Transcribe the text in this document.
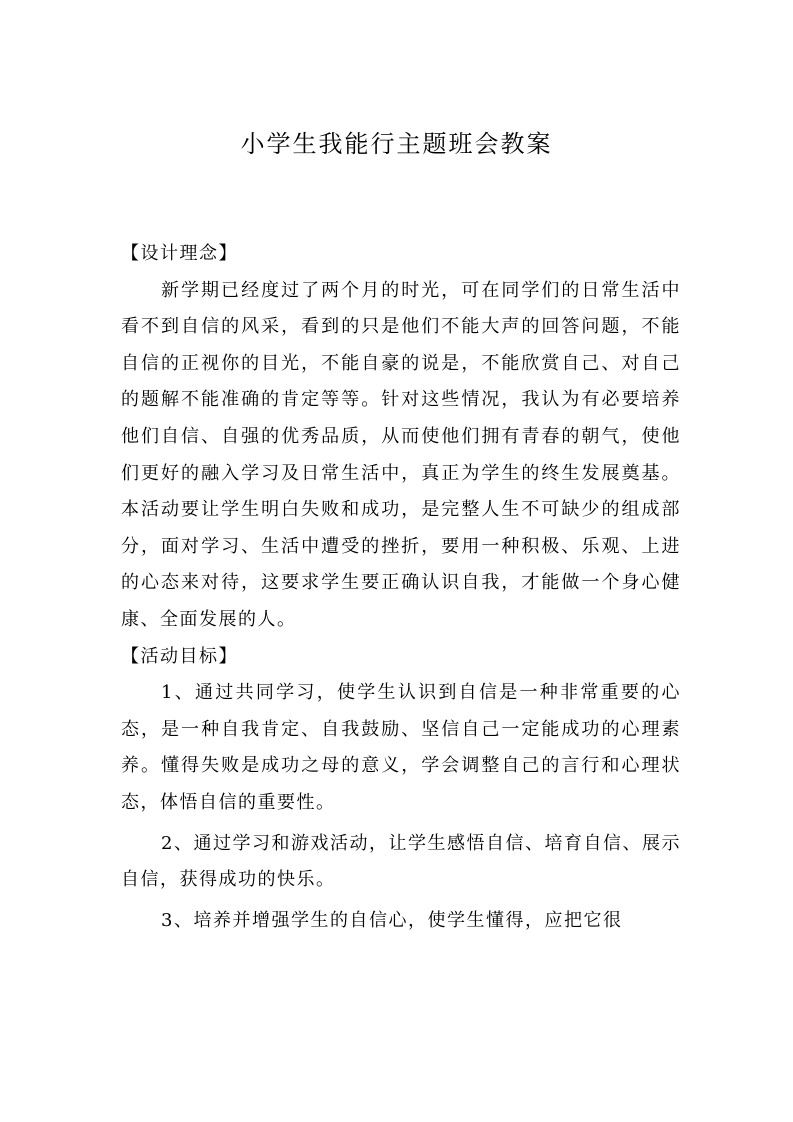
小学生我能行主题班会教案

【设计理念】

新学期已经度过了两个月的时光，可在同学们的日常生活中看不到自信的风采，看到的只是他们不能大声的回答问题，不能自信的正视你的目光，不能自豪的说是，不能欣赏自己、对自己的题解不能准确的肯定等等。针对这些情况，我认为有必要培养他们自信、自强的优秀品质，从而使他们拥有青春的朝气，使他们更好的融入学习及日常生活中，真正为学生的终生发展奠基。本活动要让学生明白失败和成功，是完整人生不可缺少的组成部分，面对学习、生活中遭受的挫折，要用一种积极、乐观、上进的心态来对待，这要求学生要正确认识自我，才能做一个身心健康、全面发展的人。

【活动目标】

1、通过共同学习，使学生认识到自信是一种非常重要的心态，是一种自我肯定、自我鼓励、坚信自己一定能成功的心理素养。懂得失败是成功之母的意义，学会调整自己的言行和心理状态，体悟自信的重要性。

2、通过学习和游戏活动，让学生感悟自信、培育自信、展示自信，获得成功的快乐。

3、培养并增强学生的自信心，使学生懂得，应把它很
